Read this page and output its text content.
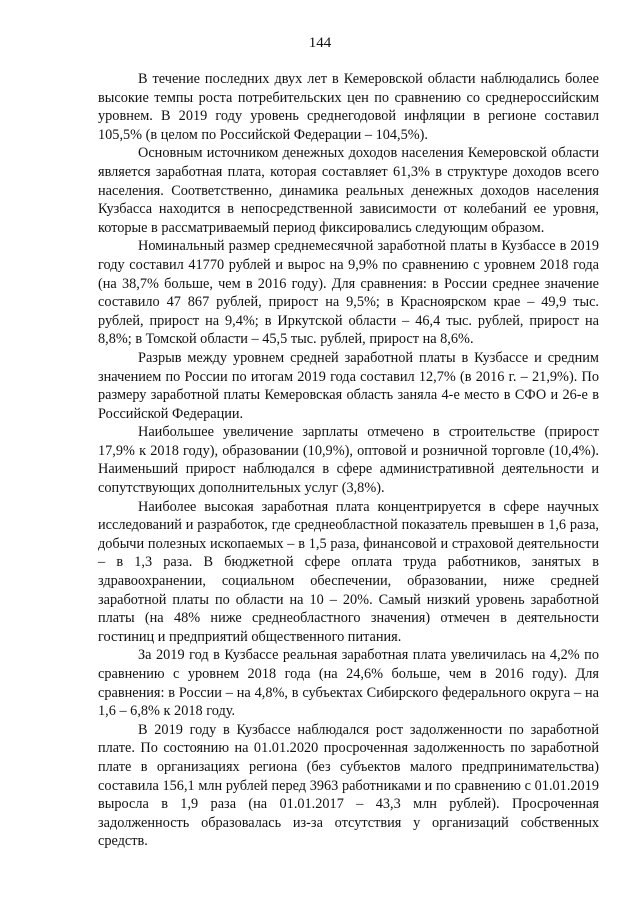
144

В течение последних двух лет в Кемеровской области наблюдались более высокие темпы роста потребительских цен по сравнению со среднероссийским уровнем. В 2019 году уровень среднегодовой инфляции в регионе составил 105,5% (в целом по Российской Федерации – 104,5%).

Основным источником денежных доходов населения Кемеровской области является заработная плата, которая составляет 61,3% в структуре доходов всего населения. Соответственно, динамика реальных денежных доходов населения Кузбасса находится в непосредственной зависимости от колебаний ее уровня, которые в рассматриваемый период фиксировались следующим образом.

Номинальный размер среднемесячной заработной платы в Кузбассе в 2019 году составил 41770 рублей и вырос на 9,9% по сравнению с уровнем 2018 года (на 38,7% больше, чем в 2016 году). Для сравнения: в России среднее значение составило 47 867 рублей, прирост на 9,5%; в Красноярском крае – 49,9 тыс. рублей, прирост на 9,4%; в Иркутской области – 46,4 тыс. рублей, прирост на 8,8%; в Томской области – 45,5 тыс. рублей, прирост на 8,6%.

Разрыв между уровнем средней заработной платы в Кузбассе и средним значением по России по итогам 2019 года составил 12,7% (в 2016 г. – 21,9%). По размеру заработной платы Кемеровская область заняла 4-е место в СФО и 26-е в Российской Федерации.

Наибольшее увеличение зарплаты отмечено в строительстве (прирост 17,9% к 2018 году), образовании (10,9%), оптовой и розничной торговле (10,4%). Наименьший прирост наблюдался в сфере административной деятельности и сопутствующих дополнительных услуг (3,8%).

Наиболее высокая заработная плата концентрируется в сфере научных исследований и разработок, где среднеобластной показатель превышен в 1,6 раза, добычи полезных ископаемых – в 1,5 раза, финансовой и страховой деятельности – в 1,3 раза. В бюджетной сфере оплата труда работников, занятых в здравоохранении, социальном обеспечении, образовании, ниже средней заработной платы по области на 10 – 20%. Самый низкий уровень заработной платы (на 48% ниже среднеобластного значения) отмечен в деятельности гостиниц и предприятий общественного питания.

За 2019 год в Кузбассе реальная заработная плата увеличилась на 4,2% по сравнению с уровнем 2018 года (на 24,6% больше, чем в 2016 году). Для сравнения: в России – на 4,8%, в субъектах Сибирского федерального округа – на 1,6 – 6,8% к 2018 году.

В 2019 году в Кузбассе наблюдался рост задолженности по заработной плате. По состоянию на 01.01.2020 просроченная задолженность по заработной плате в организациях региона (без субъектов малого предпринимательства) составила 156,1 млн рублей перед 3963 работниками и по сравнению с 01.01.2019 выросла в 1,9 раза (на 01.01.2017 – 43,3 млн рублей). Просроченная задолженность образовалась из-за отсутствия у организаций собственных средств.
